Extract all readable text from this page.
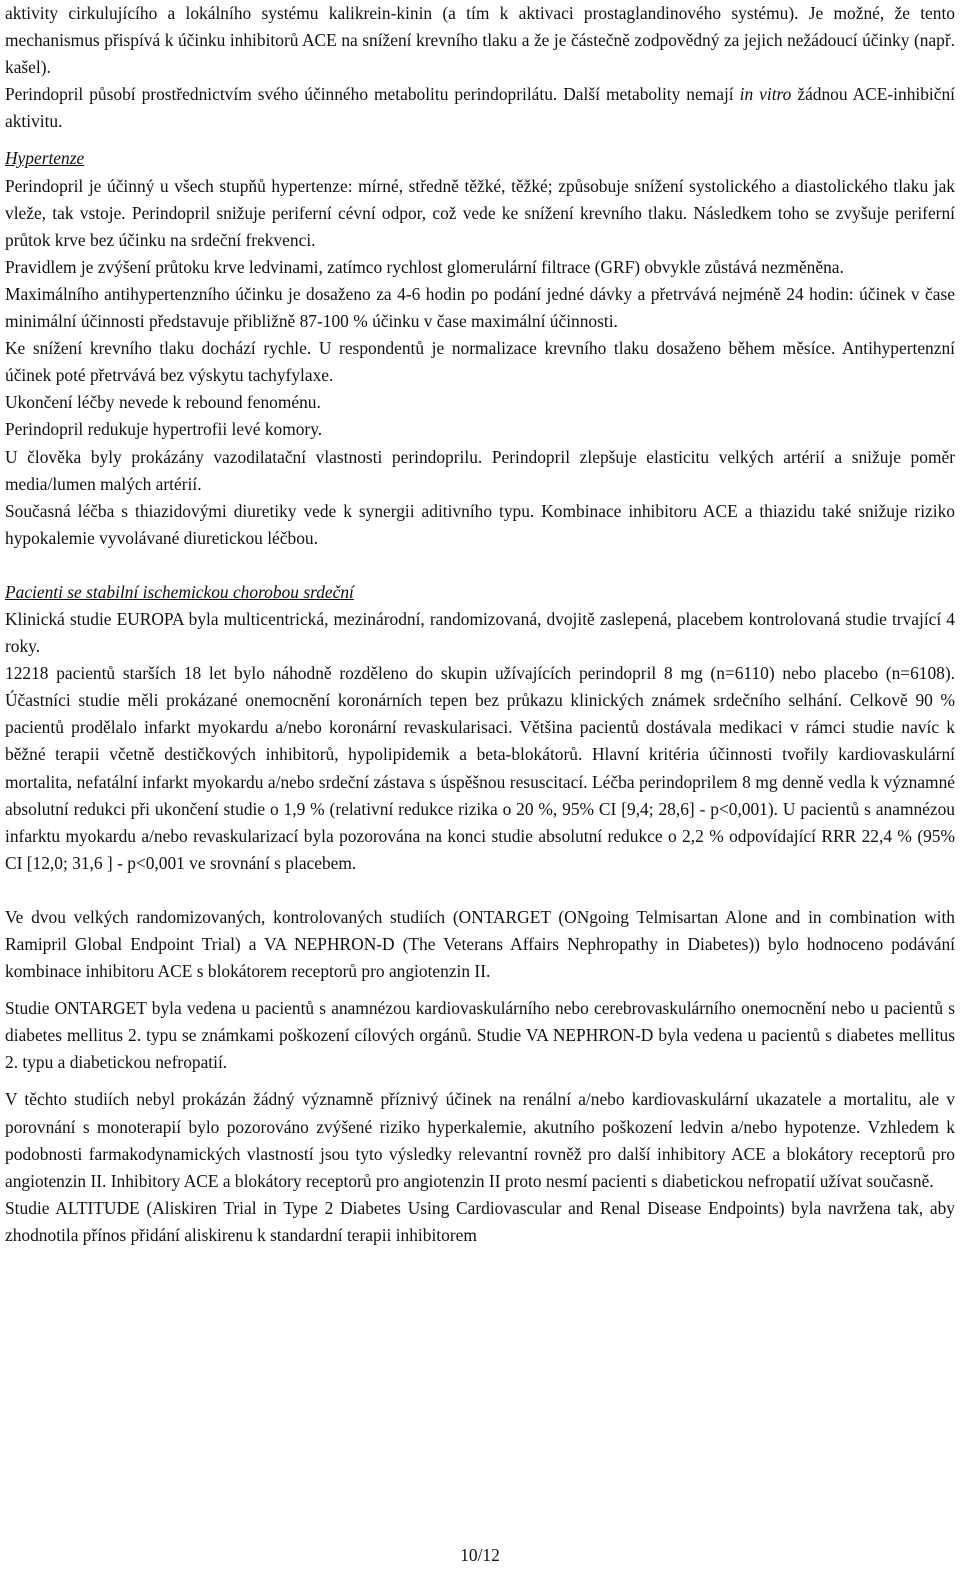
aktivity cirkulujícího a lokálního systému kalikrein-kinin (a tím k aktivaci prostaglandinového systému). Je možné, že tento mechanismus přispívá k účinku inhibitorů ACE na snížení krevního tlaku a že je částečně zodpovědný za jejich nežádoucí účinky (např. kašel).

Perindopril působí prostřednictvím svého účinného metabolitu perindoprilátu. Další metabolity nemají in vitro žádnou ACE-inhibiční aktivitu.

Hypertenze

Perindopril je účinný u všech stupňů hypertenze: mírné, středně těžké, těžké; způsobuje snížení systolického a diastolického tlaku jak vleže, tak vstoje. Perindopril snižuje periferní cévní odpor, což vede ke snížení krevního tlaku. Následkem toho se zvyšuje periferní průtok krve bez účinku na srdeční frekvenci.

Pravidlem je zvýšení průtoku krve ledvinami, zatímco rychlost glomerulární filtrace (GRF) obvykle zůstává nezměněna.

Maximálního antihypertenzního účinku je dosaženo za 4-6 hodin po podání jedné dávky a přetrvává nejméně 24 hodin: účinek v čase minimální účinnosti představuje přibližně 87-100 % účinku v čase maximální účinnosti.

Ke snížení krevního tlaku dochází rychle. U respondentů je normalizace krevního tlaku dosaženo během měsíce. Antihypertenzní účinek poté přetrvává bez výskytu tachyfylaxe.

Ukončení léčby nevede k rebound fenoménu.

Perindopril redukuje hypertrofii levé komory.

U člověka byly prokázány vazodilatační vlastnosti perindoprilu. Perindopril zlepšuje elasticitu velkých artérií a snižuje poměr media/lumen malých artérií.

Současná léčba s thiazidovými diuretiky vede k synergii aditivního typu. Kombinace inhibitoru ACE a thiazidu také snižuje riziko hypokalemie vyvolávané diuretickou léčbou.

Pacienti se stabilní ischemickou chorobou srdeční

Klinická studie EUROPA byla multicentrická, mezinárodní, randomizovaná, dvojitě zaslepená, placebem kontrolovaná studie trvající 4 roky.

12218 pacientů starších 18 let bylo náhodně rozděleno do skupin užívajících perindopril 8 mg (n=6110) nebo placebo (n=6108). Účastníci studie měli prokázané onemocnění koronárních tepen bez průkazu klinických známek srdečního selhání. Celkově 90 % pacientů prodělalo infarkt myokardu a/nebo koronární revaskularisaci. Většina pacientů dostávala medikaci v rámci studie navíc k běžné terapii včetně destičkových inhibitorů, hypolipidemik a beta-blokátorů. Hlavní kritéria účinnosti tvořily kardiovaskulární mortalita, nefatální infarkt myokardu a/nebo srdeční zástava s úspěšnou resuscitací. Léčba perindoprilem 8 mg denně vedla k významné absolutní redukci při ukončení studie o 1,9 % (relativní redukce rizika o 20 %, 95% CI [9,4; 28,6] - p<0,001). U pacientů s anamnézou infarktu myokardu a/nebo revaskularizací byla pozorována na konci studie absolutní redukce o 2,2 % odpovídající RRR 22,4 % (95% CI [12,0; 31,6 ] - p<0,001 ve srovnání s placebem.

Ve dvou velkých randomizovaných, kontrolovaných studiích (ONTARGET (ONgoing Telmisartan Alone and in combination with Ramipril Global Endpoint Trial) a VA NEPHRON-D (The Veterans Affairs Nephropathy in Diabetes)) bylo hodnoceno podávání kombinace inhibitoru ACE s blokátorem receptorů pro angiotenzin II.

Studie ONTARGET byla vedena u pacientů s anamnézou kardiovaskulárního nebo cerebrovaskulárního onemocnění nebo u pacientů s diabetes mellitus 2. typu se známkami poškození cílových orgánů. Studie VA NEPHRON-D byla vedena u pacientů s diabetes mellitus 2. typu a diabetickou nefropatií.

V těchto studiích nebyl prokázán žádný významně příznivý účinek na renální a/nebo kardiovaskulární ukazatele a mortalitu, ale v porovnání s monoterapií bylo pozorováno zvýšené riziko hyperkalemie, akutního poškození ledvin a/nebo hypotenze. Vzhledem k podobnosti farmakodynamických vlastností jsou tyto výsledky relevantní rovněž pro další inhibitory ACE a blokátory receptorů pro angiotenzin II. Inhibitory ACE a blokátory receptorů pro angiotenzin II proto nesmí pacienti s diabetickou nefropatií užívat současně.

Studie ALTITUDE (Aliskiren Trial in Type 2 Diabetes Using Cardiovascular and Renal Disease Endpoints) byla navržena tak, aby zhodnotila přínos přidání aliskirenu k standardní terapii inhibitorem

10/12
